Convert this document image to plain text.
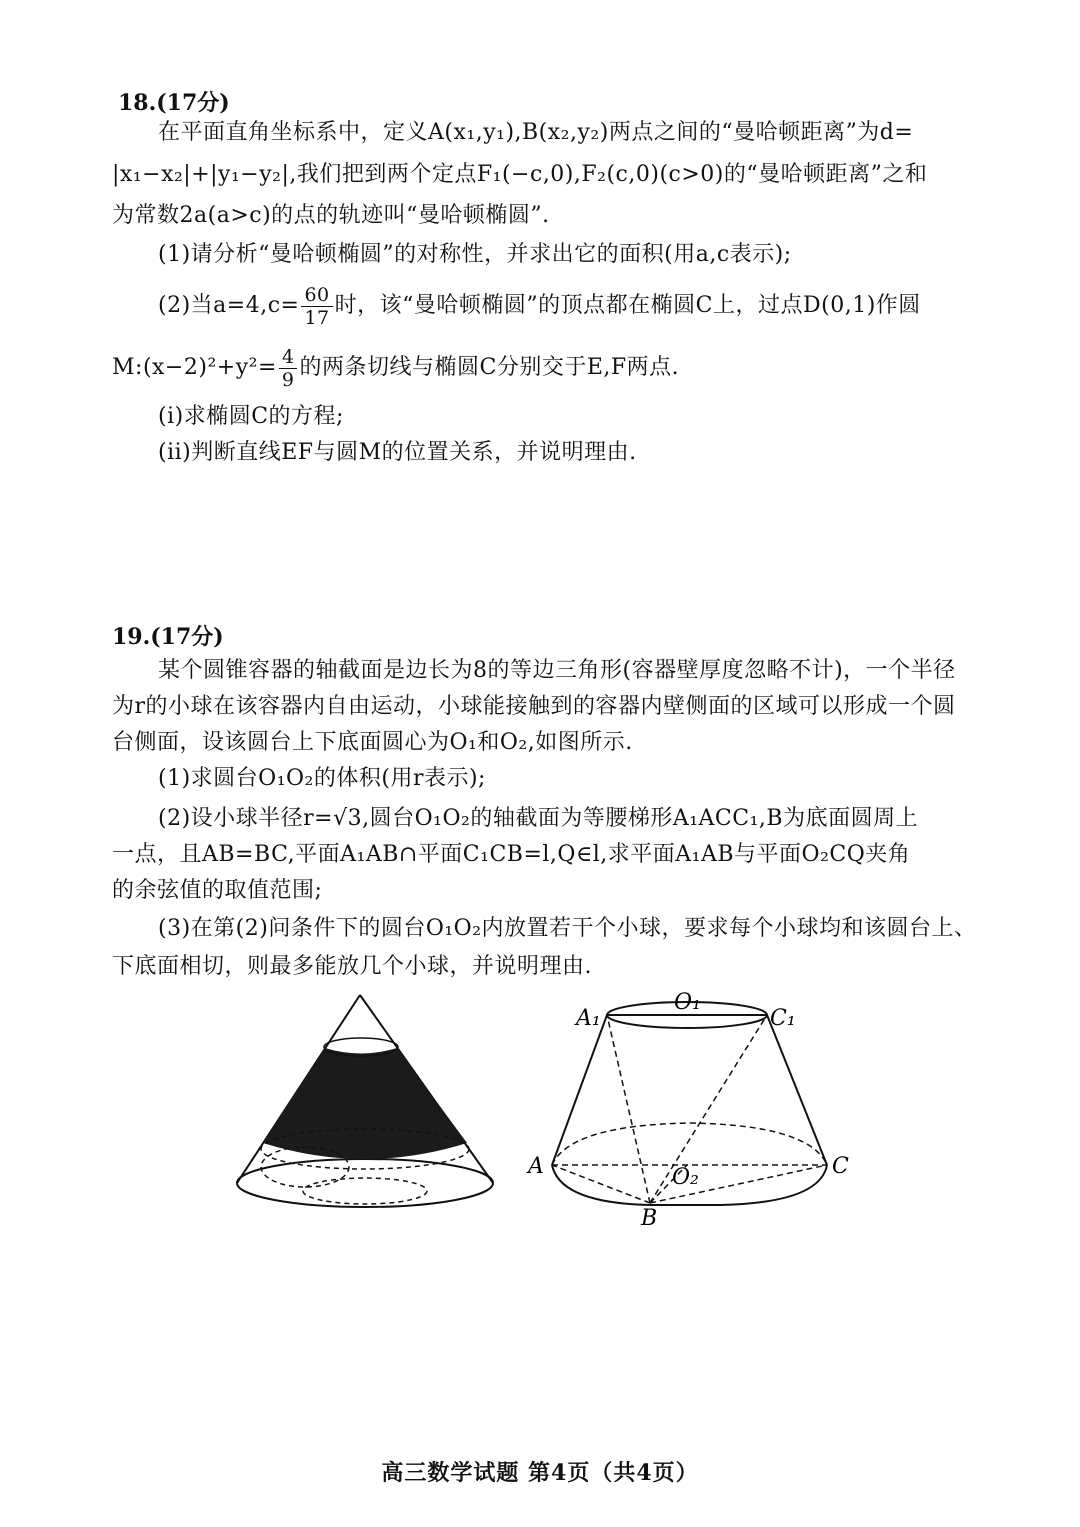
18.(17分)
在平面直角坐标系中，定义A(x₁,y₁),B(x₂,y₂)两点之间的“曼哈顿距离”为d=
|x₁−x₂|+|y₁−y₂|,我们把到两个定点F₁(−c,0),F₂(c,0)(c>0)的“曼哈顿距离”之和
为常数2a(a>c)的点的轨迹叫“曼哈顿椭圆”.
(1)请分析“曼哈顿椭圆”的对称性，并求出它的面积(用a,c表示);
(2)当$a=4,c= \frac{60}{17}$ 时，该“曼哈顿椭圆”的顶点都在椭圆C上，过点D(0,1)作圆
M:(x−2)²+y²= $\frac{4}{9}$ 的两条切线与椭圆C分别交于E,F两点.
(i)求椭圆C的方程;
(ii)判断直线EF与圆M的位置关系，并说明理由.
19.(17分)
某个圆锥容器的轴截面是边长为8的等边三角形(容器壁厚度忽略不计)，一个半径
为r的小球在该容器内自由运动，小球能接触到的容器内壁侧面的区域可以形成一个圆
台侧面，设该圆台上下底面圆心为O₁和O₂,如图所示.
(1)求圆台O₁O₂的体积(用r表示);
(2)设小球半径r=√3,圆台O₁O₂的轴截面为等腰梯形A₁ACC₁,B为底面圆周上
一点，且AB=BC,平面A₁AB∩平面C₁CB=l,Q∈l,求平面A₁AB与平面O₂CQ夹角
的余弦值的取值范围;
(3)在第(2)问条件下的圆台O₁O₂内放置若干个小球，要求每个小球均和该圆台上、
下底面相切，则最多能放几个小球，并说明理由.
A₁
O₁
C₁
A	O₂	C
B
高三数学试题 第4页（共4页）
